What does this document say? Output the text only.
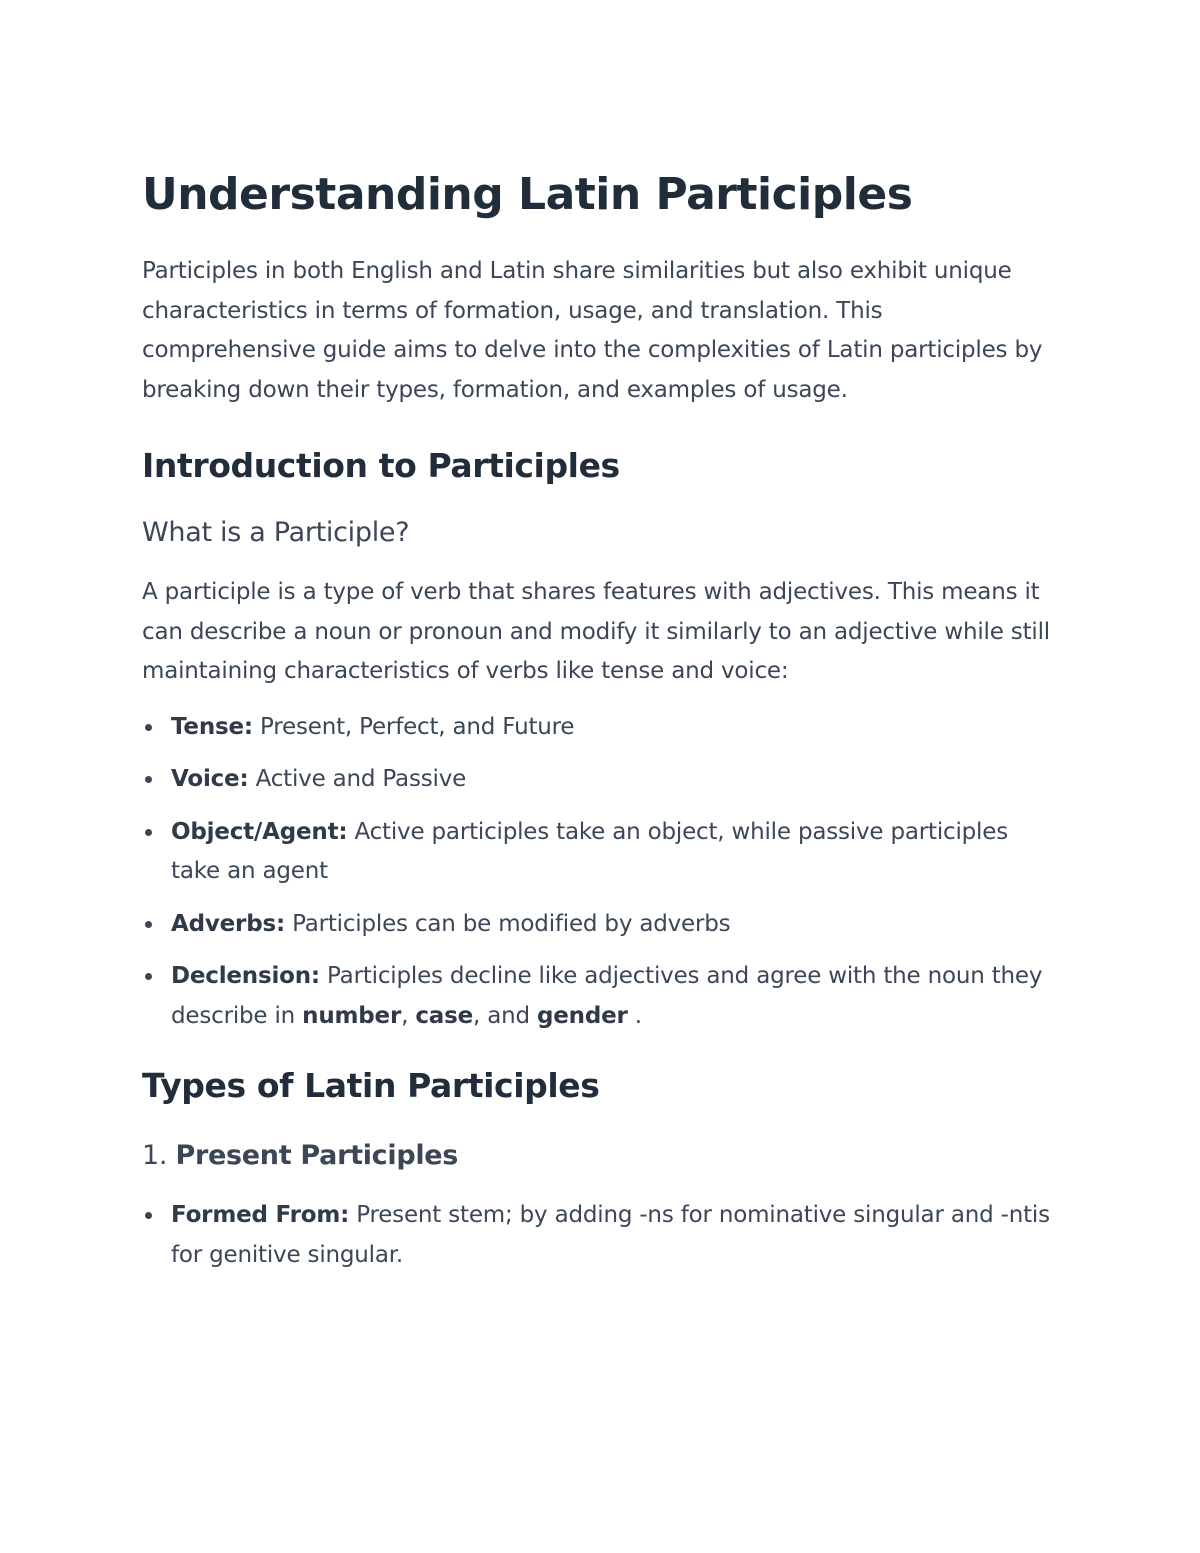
Understanding Latin Participles

Participles in both English and Latin share similarities but also exhibit unique characteristics in terms of formation, usage, and translation. This comprehensive guide aims to delve into the complexities of Latin participles by breaking down their types, formation, and examples of usage.

Introduction to Participles
What is a Participle?

A participle is a type of verb that shares features with adjectives. This means it can describe a noun or pronoun and modify it similarly to an adjective while still maintaining characteristics of verbs like tense and voice:

Tense: Present, Perfect, and Future
Voice: Active and Passive
Object/Agent: Active participles take an object, while passive participles take an agent
Adverbs: Participles can be modified by adverbs
Declension: Participles decline like adjectives and agree with the noun they describe in number, case, and gender .
Types of Latin Participles
1. Present Participles
Formed From: Present stem; by adding -ns for nominative singular and -ntis for genitive singular.
